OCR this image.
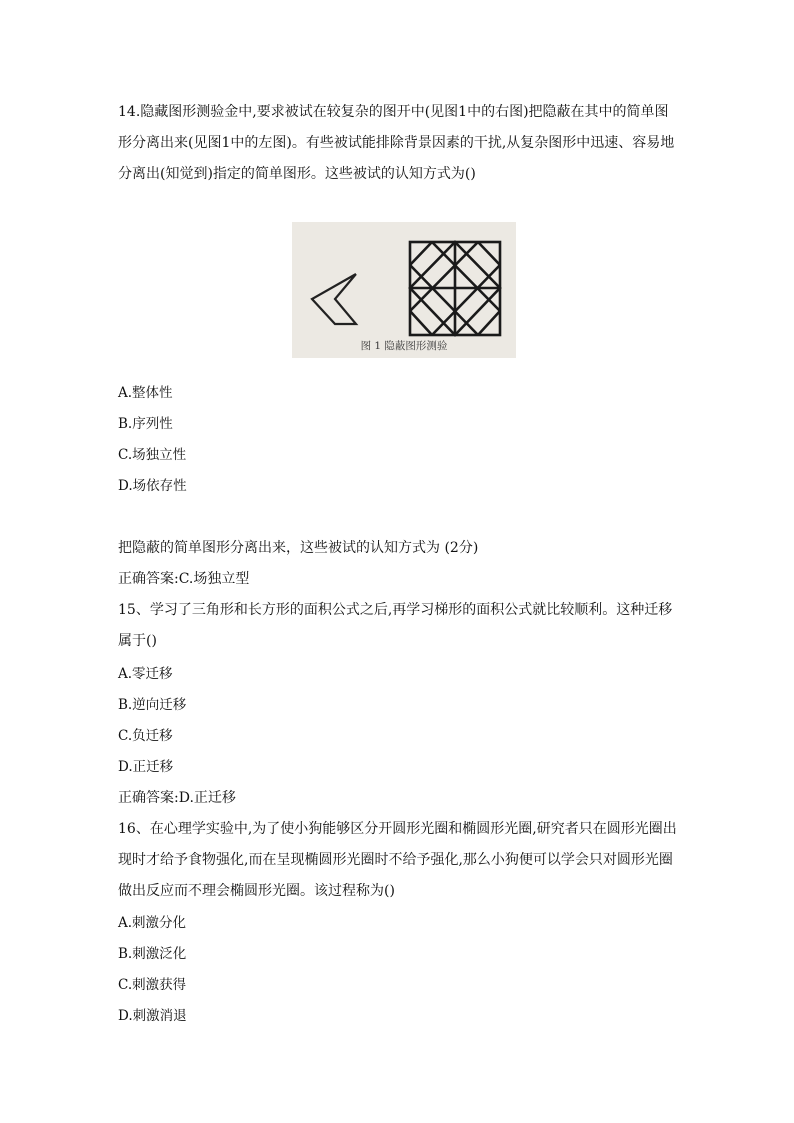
14.隐藏图形测验金中,要求被试在较复杂的图开中(见图1中的右图)把隐蔽在其中的简单图形分离出来(见图1中的左图)。有些被试能排除背景因素的干扰,从复杂图形中迅速、容易地分离出(知觉到)指定的简单图形。这些被试的认知方式为()

图 1 隐蔽图形测验
A.整体性
B.序列性
C.场独立性
D.场依存性
把隐蔽的简单图形分离出来，这些被试的认知方式为 (2分)
正确答案:C.场独立型

15、学习了三角形和长方形的面积公式之后,再学习梯形的面积公式就比较顺利。这种迁移属于()

A.零迁移
B.逆向迁移
C.负迁移
D.正迁移
正确答案:D.正迁移

16、在心理学实验中,为了使小狗能够区分开圆形光圈和椭圆形光圈,研究者只在圆形光圈出现时才给予食物强化,而在呈现椭圆形光圈时不给予强化,那么小狗便可以学会只对圆形光圈做出反应而不理会椭圆形光圈。该过程称为()

A.刺激分化
B.刺激泛化
C.刺激获得
D.刺激消退
